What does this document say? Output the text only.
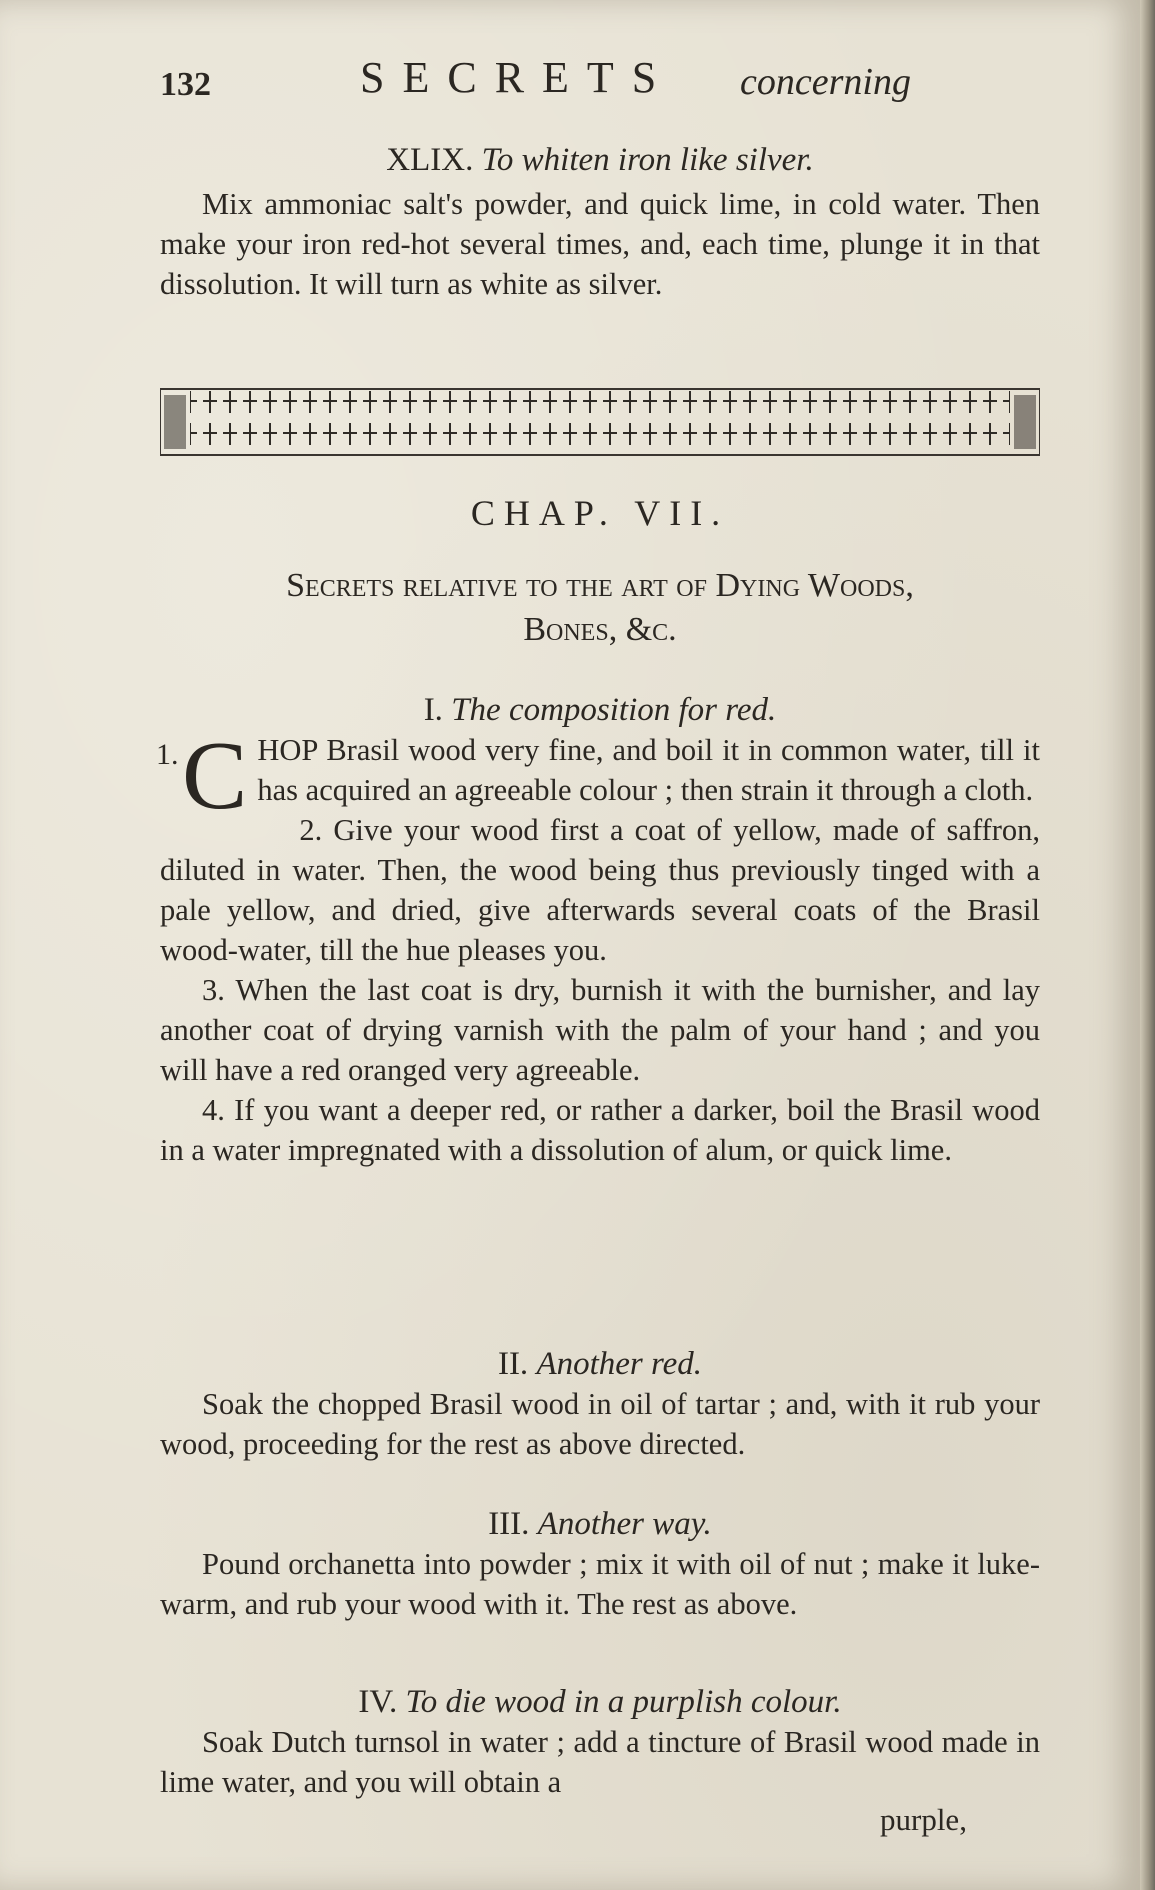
132	SECRETS concerning
XLIX. To whiten iron like silver.

Mix ammoniac salt's powder, and quick lime, in cold water. Then make your iron red-hot several times, and, each time, plunge it in that dissolution. It will turn as white as silver.

CHAP. VII.
Secrets relative to the art of Dying Woods,
Bones, &c.
I. The composition for red.
1. C HOP Brasil wood very fine, and boil it in common water, till it has acquired an agreeable colour ; then strain it through a cloth.

2. Give your wood first a coat of yellow, made of saffron, diluted in water. Then, the wood being thus previously tinged with a pale yellow, and dried, give afterwards several coats of the Brasil wood-water, till the hue pleases you.

3. When the last coat is dry, burnish it with the burnisher, and lay another coat of drying varnish with the palm of your hand ; and you will have a red oranged very agreeable.

4. If you want a deeper red, or rather a darker, boil the Brasil wood in a water impregnated with a dissolution of alum, or quick lime.

II. Another red.

Soak the chopped Brasil wood in oil of tartar ; and, with it rub your wood, proceeding for the rest as above directed.

III. Another way.

Pound orchanetta into powder ; mix it with oil of nut ; make it luke-warm, and rub your wood with it. The rest as above.

IV. To die wood in a purplish colour.

Soak Dutch turnsol in water ; add a tincture of Brasil wood made in lime water, and you will obtain a

purple,
